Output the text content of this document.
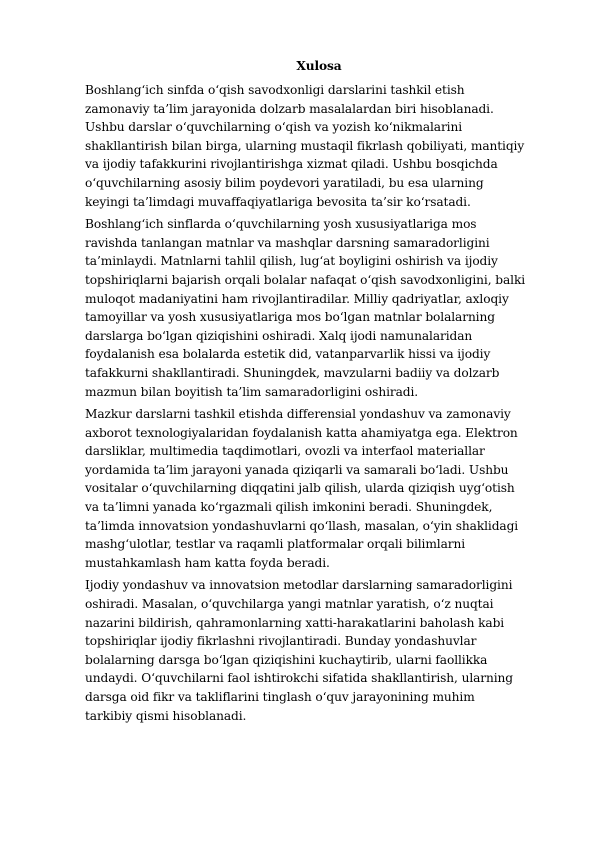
Xulosa

Boshlang‘ich sinfda o‘qish savodxonligi darslarini tashkil etish
zamonaviy ta’lim jarayonida dolzarb masalalardan biri hisoblanadi.
Ushbu darslar o‘quvchilarning o‘qish va yozish ko‘nikmalarini
shakllantirish bilan birga, ularning mustaqil fikrlash qobiliyati, mantiqiy
va ijodiy tafakkurini rivojlantirishga xizmat qiladi. Ushbu bosqichda
o‘quvchilarning asosiy bilim poydevori yaratiladi, bu esa ularning
keyingi ta’limdagi muvaffaqiyatlariga bevosita ta’sir ko‘rsatadi.

Boshlang‘ich sinflarda o‘quvchilarning yosh xususiyatlariga mos
ravishda tanlangan matnlar va mashqlar darsning samaradorligini
ta’minlaydi. Matnlarni tahlil qilish, lug‘at boyligini oshirish va ijodiy
topshiriqlarni bajarish orqali bolalar nafaqat o‘qish savodxonligini, balki
muloqot madaniyatini ham rivojlantiradilar. Milliy qadriyatlar, axloqiy
tamoyillar va yosh xususiyatlariga mos bo‘lgan matnlar bolalarning
darslarga bo‘lgan qiziqishini oshiradi. Xalq ijodi namunalaridan
foydalanish esa bolalarda estetik did, vatanparvarlik hissi va ijodiy
tafakkurni shakllantiradi. Shuningdek, mavzularni badiiy va dolzarb
mazmun bilan boyitish ta’lim samaradorligini oshiradi.

Mazkur darslarni tashkil etishda differensial yondashuv va zamonaviy
axborot texnologiyalaridan foydalanish katta ahamiyatga ega. Elektron
darsliklar, multimedia taqdimotlari, ovozli va interfaol materiallar
yordamida ta’lim jarayoni yanada qiziqarli va samarali bo‘ladi. Ushbu
vositalar o‘quvchilarning diqqatini jalb qilish, ularda qiziqish uyg‘otish
va ta’limni yanada ko‘rgazmali qilish imkonini beradi. Shuningdek,
ta’limda innovatsion yondashuvlarni qo‘llash, masalan, o‘yin shaklidagi
mashg‘ulotlar, testlar va raqamli platformalar orqali bilimlarni
mustahkamlash ham katta foyda beradi.

Ijodiy yondashuv va innovatsion metodlar darslarning samaradorligini
oshiradi. Masalan, o‘quvchilarga yangi matnlar yaratish, o‘z nuqtai
nazarini bildirish, qahramonlarning xatti-harakatlarini baholash kabi
topshiriqlar ijodiy fikrlashni rivojlantiradi. Bunday yondashuvlar
bolalarning darsga bo‘lgan qiziqishini kuchaytirib, ularni faollikka
undaydi. O‘quvchilarni faol ishtirokchi sifatida shakllantirish, ularning
darsga oid fikr va takliflarini tinglash o‘quv jarayonining muhim
tarkibiy qismi hisoblanadi.
